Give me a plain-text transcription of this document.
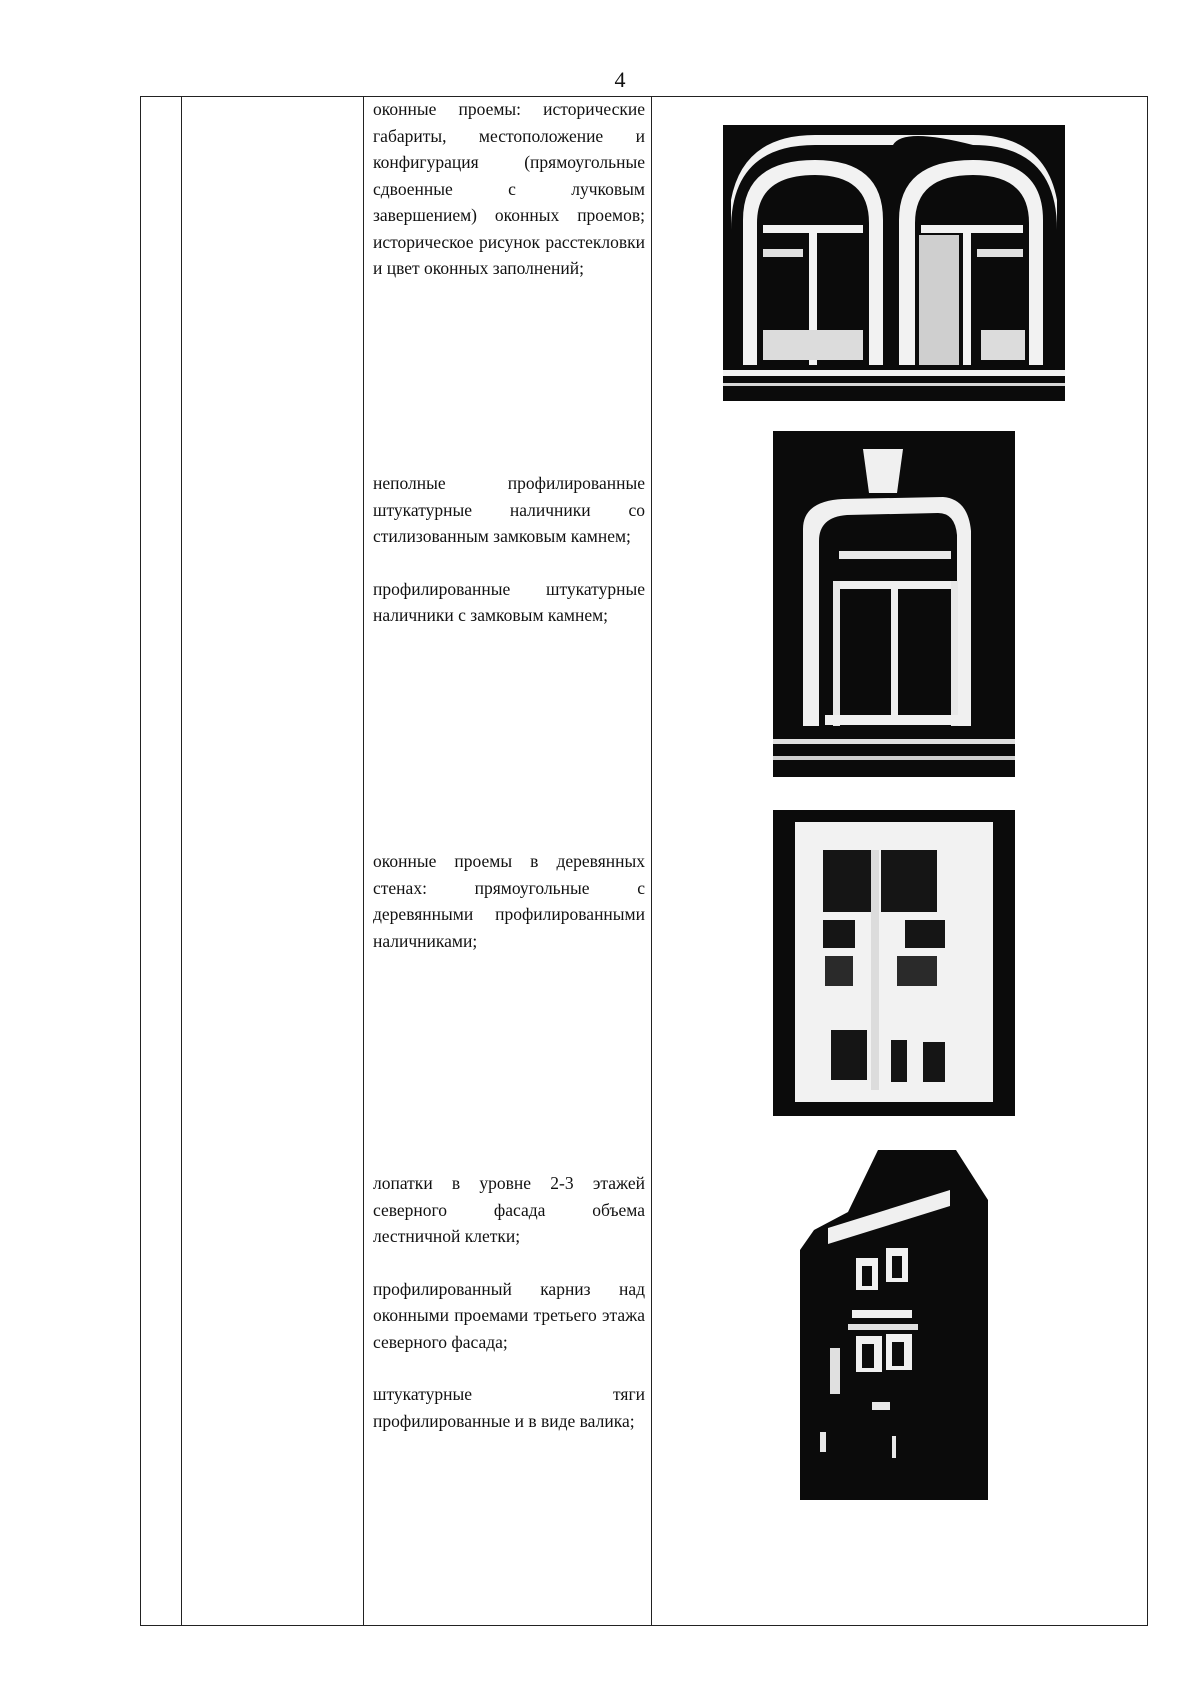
4

оконные проемы: исторические габариты, местоположение и конфигурация (прямоугольные сдвоенные с лучковым завершением) оконных проемов; историческое рисунок расстекловки и цвет оконных заполнений;

неполные профилированные штукатурные наличники со стилизованным замковым камнем;

профилированные штукатурные наличники с замковым камнем;

оконные проемы в деревянных стенах: прямоугольные с деревянными профилированными наличниками;

лопатки в уровне 2-3 этажей северного фасада объема лестничной клетки;

профилированный карниз над оконными проемами третьего этажа северного фасада;

штукатурные тяги профилированные и в виде валика;
